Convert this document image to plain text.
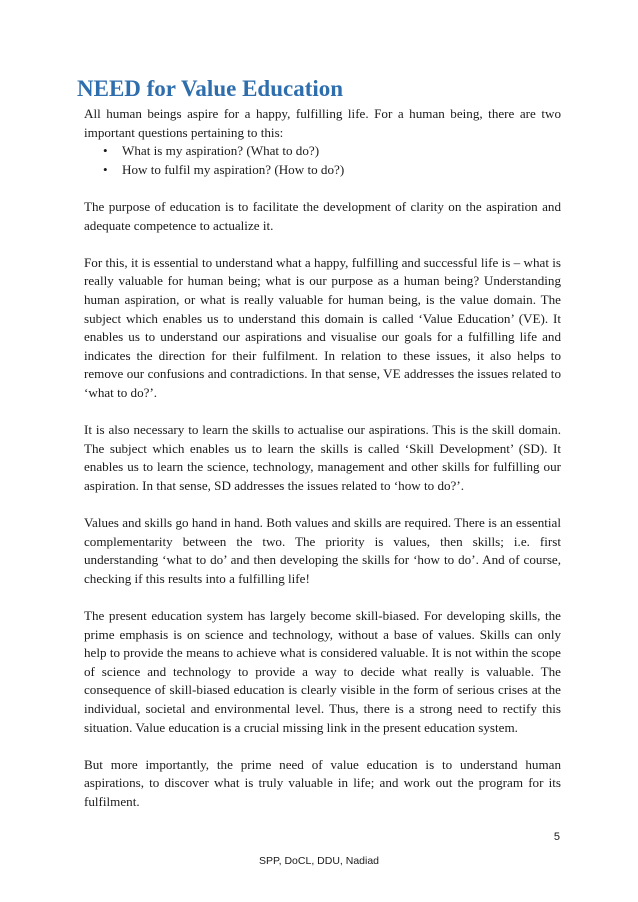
NEED for Value Education

All human beings aspire for a happy, fulfilling life. For a human being, there are two important questions pertaining to this:

• What is my aspiration? (What to do?)
• How to fulfil my aspiration? (How to do?)

The purpose of education is to facilitate the development of clarity on the aspiration and adequate competence to actualize it.

For this, it is essential to understand what a happy, fulfilling and successful life is – what is really valuable for human being; what is our purpose as a human being? Understanding human aspiration, or what is really valuable for human being, is the value domain. The subject which enables us to understand this domain is called ‘Value Education’ (VE). It enables us to understand our aspirations and visualise our goals for a fulfilling life and indicates the direction for their fulfilment. In relation to these issues, it also helps to remove our confusions and contradictions. In that sense, VE addresses the issues related to ‘what to do?’.

It is also necessary to learn the skills to actualise our aspirations. This is the skill domain. The subject which enables us to learn the skills is called ‘Skill Development’ (SD). It enables us to learn the science, technology, management and other skills for fulfilling our aspiration. In that sense, SD addresses the issues related to ‘how to do?’.

Values and skills go hand in hand. Both values and skills are required. There is an essential complementarity between the two. The priority is values, then skills; i.e. first understanding ‘what to do’ and then developing the skills for ‘how to do’. And of course, checking if this results into a fulfilling life!

The present education system has largely become skill-biased. For developing skills, the prime emphasis is on science and technology, without a base of values. Skills can only help to provide the means to achieve what is considered valuable. It is not within the scope of science and technology to provide a way to decide what really is valuable. The consequence of skill-biased education is clearly visible in the form of serious crises at the individual, societal and environmental level. Thus, there is a strong need to rectify this situation. Value education is a crucial missing link in the present education system.

But more importantly, the prime need of value education is to understand human aspirations, to discover what is truly valuable in life; and work out the program for its fulfilment.

5
SPP, DoCL, DDU, Nadiad
